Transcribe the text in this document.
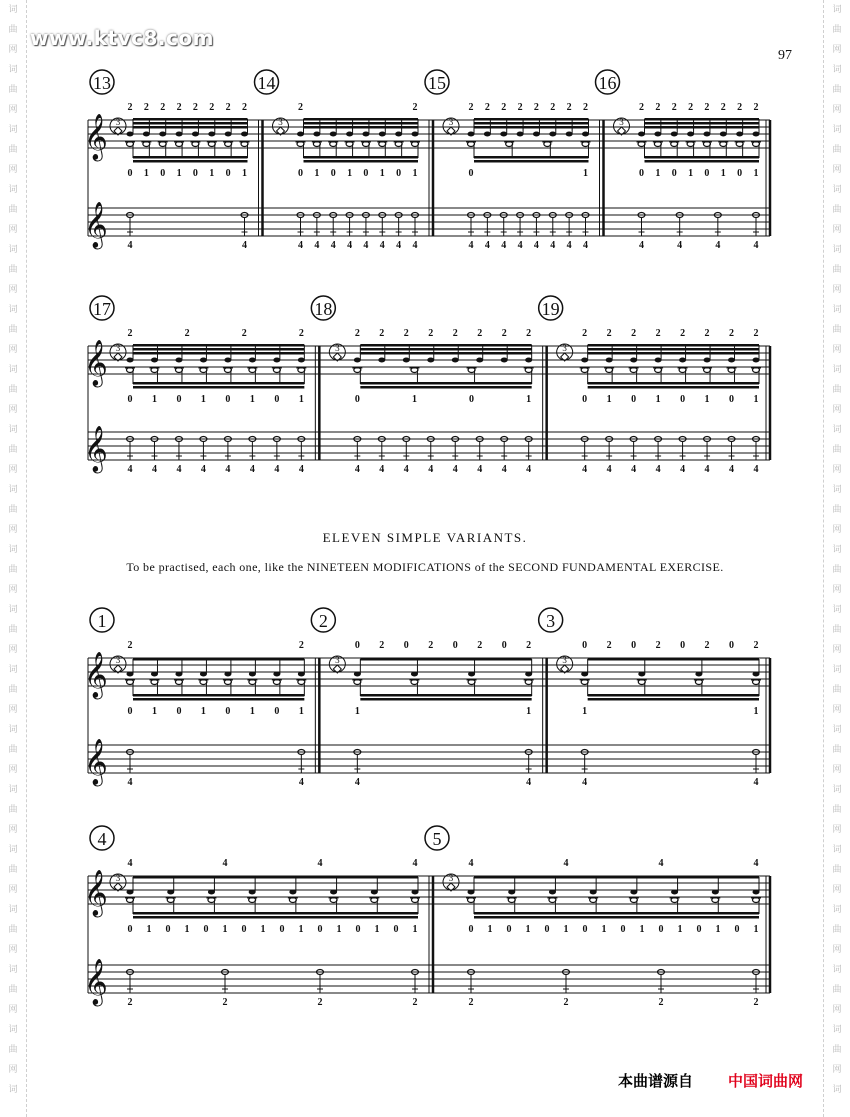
词
曲
网
词
曲
网
词
曲
网
词
曲
网
词
曲
网
词
曲
网
词
曲
网
词
曲
网
词
曲
网
词
曲
网
词
曲
网
词
曲
网
词
曲
网
词
曲
网
词
曲
网
词
曲
网
词
曲
网
词
曲
网
词

词
曲
网
词
曲
网
词
曲
网
词
曲
网
词
曲
网
词
曲
网
词
曲
网
词
曲
网
词
曲
网
词
曲
网
词
曲
网
词
曲
网
词
曲
网
词
曲
网
词
曲
网
词
曲
网
词
曲
网
词
曲
网
词

www.ktvc8.com
97
𝄞
𝄞
13
3
2 2 2 2 2 2 2 2
0 1 0 1 0 1 0 1
4	4
14
3
2	2
0 1 0 1 0 1 0 1
4 4 4 4 4 4 4 4
15
3
2 2 2 2 2 2 2 2
0	1
4 4 4 4 4 4 4 4
16
3
2 2 2 2 2 2 2 2
0 1 0 1 0 1 0 1
4	4	4	4
𝄞
𝄞
17
3
2	2	2	2
0 1 0 1 0 1 0 1
4 4 4 4 4 4 4 4
18
3
2 2 2 2 2 2 2 2
0	1	0	1
4 4 4 4 4 4 4 4
19
3
2 2 2 2 2 2 2 2
0 1 0 1 0 1 0 1
4 4 4 4 4 4 4 4
𝄞
𝄞
1
3
2	2
0 1 0 1 0 1 0 1
4	4
2
3
0 2 0 2 0 2 0 2
1	1
4	4
3
3
0 2 0 2 0 2 0 2
1	1
4	4
𝄞
𝄞
4
3
4	4	4	4
0 1 0 1 0 1 0 1 0 1 0 1 0 1 0 1
2	2	2	2
5
3
4	4	4	4
0 1 0 1 0 1 0 1 0 1 0 1 0 1 0 1
2	2	2	2
ELEVEN SIMPLE VARIANTS.
To be practised, each one, like the NINETEEN MODIFICATIONS of the SECOND FUNDAMENTAL EXERCISE.
本曲谱源自 中国词曲网
